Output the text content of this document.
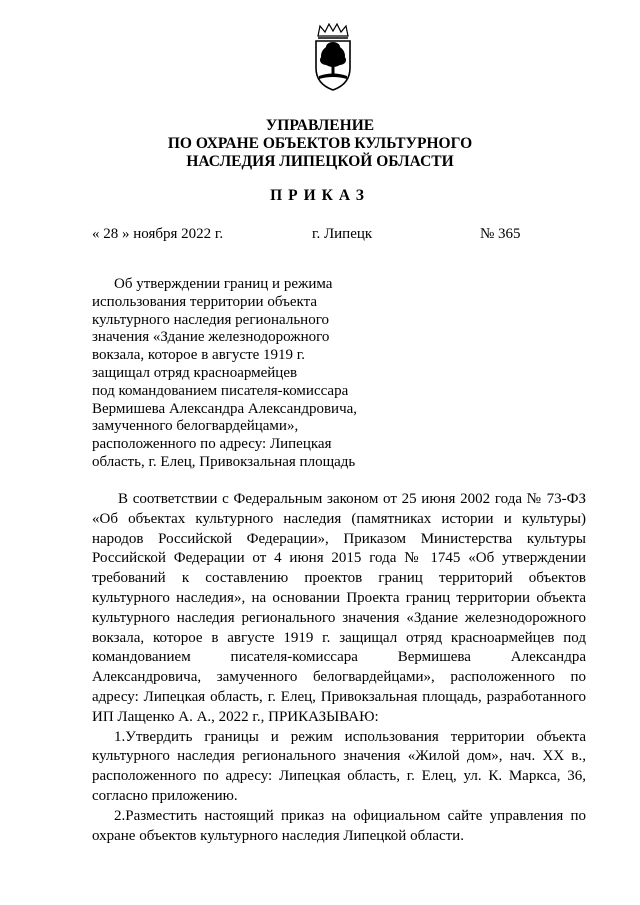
УПРАВЛЕНИЕ
ПО ОХРАНЕ ОБЪЕКТОВ КУЛЬТУРНОГО
НАСЛЕДИЯ ЛИПЕЦКОЙ ОБЛАСТИ
ПРИКАЗ
« 28 » ноября 2022 г.	г. Липецк	№ 365
Об утверждении границ и режима
использования территории объекта
культурного наследия регионального
значения «Здание железнодорожного
вокзала, которое в августе 1919 г.
защищал отряд красноармейцев
под командованием писателя-комиссара
Вермишева Александра Александровича,
замученного белогвардейцами»,
расположенного по адресу: Липецкая
область, г. Елец, Привокзальная площадь

В соответствии с Федеральным законом от 25 июня 2002 года № 73-ФЗ «Об объектах культурного наследия (памятниках истории и культуры) народов Российской Федерации», Приказом Министерства культуры Российской Федерации от 4 июня 2015 года № 1745 «Об утверждении требований к составлению проектов границ территорий объектов культурного наследия», на основании Проекта границ территории объекта культурного наследия регионального значения «Здание железнодорожного вокзала, которое в августе 1919 г. защищал отряд красноармейцев под командованием писателя-комиссара Вермишева Александра Александровича, замученного белогвардейцами», расположенного по адресу: Липецкая область, г. Елец, Привокзальная площадь, разработанного ИП Лащенко А. А., 2022 г., ПРИКАЗЫВАЮ:

1.Утвердить границы и режим использования территории объекта культурного наследия регионального значения «Жилой дом», нач. XX в., расположенного по адресу: Липецкая область, г. Елец, ул. К. Маркса, 36, согласно приложению.

2.Разместить настоящий приказ на официальном сайте управления по охране объектов культурного наследия Липецкой области.
